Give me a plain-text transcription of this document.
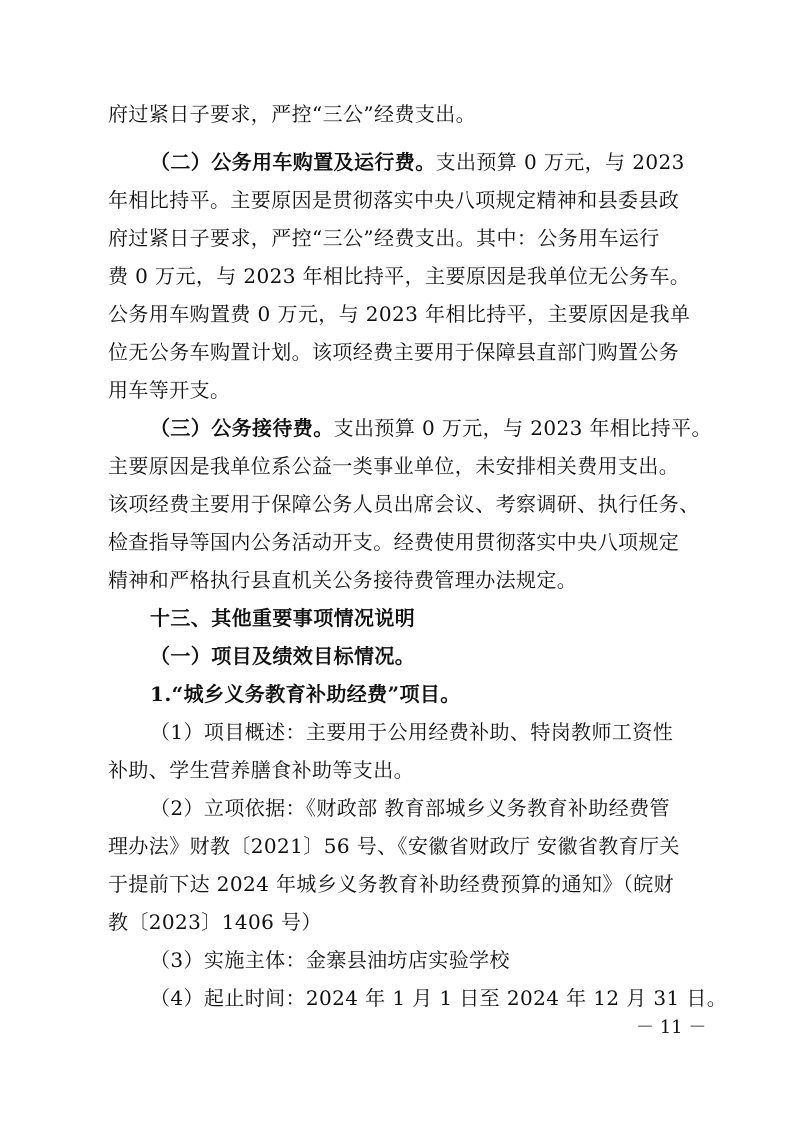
府过紧日子要求，严控“三公”经费支出。
（二）公务用车购置及运行费。支出预算 0 万元，与 2023
年相比持平。主要原因是贯彻落实中央八项规定精神和县委县政
府过紧日子要求，严控“三公”经费支出。其中：公务用车运行
费 0 万元，与 2023 年相比持平，主要原因是我单位无公务车。
公务用车购置费 0 万元，与 2023 年相比持平，主要原因是我单
位无公务车购置计划。该项经费主要用于保障县直部门购置公务
用车等开支。
（三）公务接待费。支出预算 0 万元，与 2023 年相比持平。
主要原因是我单位系公益一类事业单位，未安排相关费用支出。
该项经费主要用于保障公务人员出席会议、考察调研、执行任务、
检查指导等国内公务活动开支。经费使用贯彻落实中央八项规定
精神和严格执行县直机关公务接待费管理办法规定。
十三、其他重要事项情况说明
（一）项目及绩效目标情况。
1.“城乡义务教育补助经费”项目。
（1）项目概述：主要用于公用经费补助、特岗教师工资性
补助、学生营养膳食补助等支出。
（2）立项依据：《财政部 教育部城乡义务教育补助经费管
理办法》财教〔2021〕56 号、《安徽省财政厅 安徽省教育厅关
于提前下达 2024 年城乡义务教育补助经费预算的通知》（皖财
教〔2023〕1406 号）
（3）实施主体：金寨县油坊店实验学校
（4）起止时间：2024 年 1 月 1 日至 2024 年 12 月 31 日。
－ 11 －
